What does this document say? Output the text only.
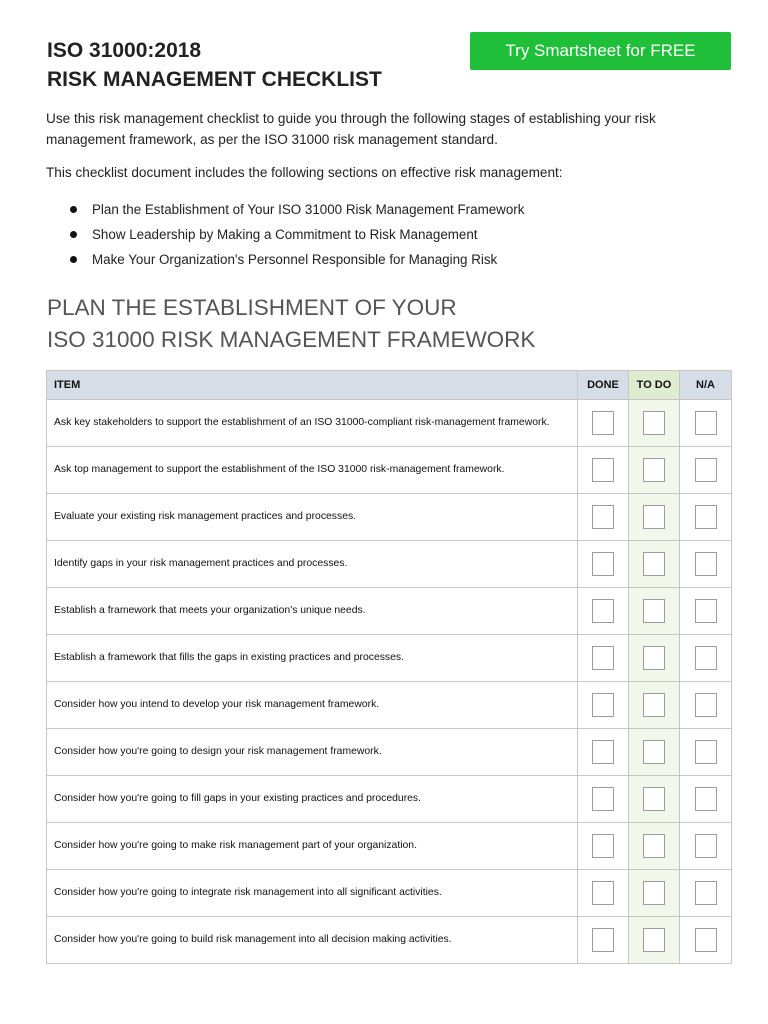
ISO 31000:2018
RISK MANAGEMENT CHECKLIST
Try Smartsheet for FREE
Use this risk management checklist to guide you through the following stages of establishing your risk management framework, as per the ISO 31000 risk management standard.
This checklist document includes the following sections on effective risk management:
Plan the Establishment of Your ISO 31000 Risk Management Framework
Show Leadership by Making a Commitment to Risk Management
Make Your Organization's Personnel Responsible for Managing Risk
PLAN THE ESTABLISHMENT OF YOUR
ISO 31000 RISK MANAGEMENT FRAMEWORK
ITEM	DONE	TO DO	N/A
Ask key stakeholders to support the establishment of an ISO 31000-compliant risk-management framework.			
Ask top management to support the establishment of the ISO 31000 risk-management framework.			
Evaluate your existing risk management practices and processes.			
Identify gaps in your risk management practices and processes.			
Establish a framework that meets your organization's unique needs.			
Establish a framework that fills the gaps in existing practices and processes.			
Consider how you intend to develop your risk management framework.			
Consider how you're going to design your risk management framework.			
Consider how you're going to fill gaps in your existing practices and procedures.			
Consider how you're going to make risk management part of your organization.			
Consider how you're going to integrate risk management into all significant activities.			
Consider how you're going to build risk management into all decision making activities.			
